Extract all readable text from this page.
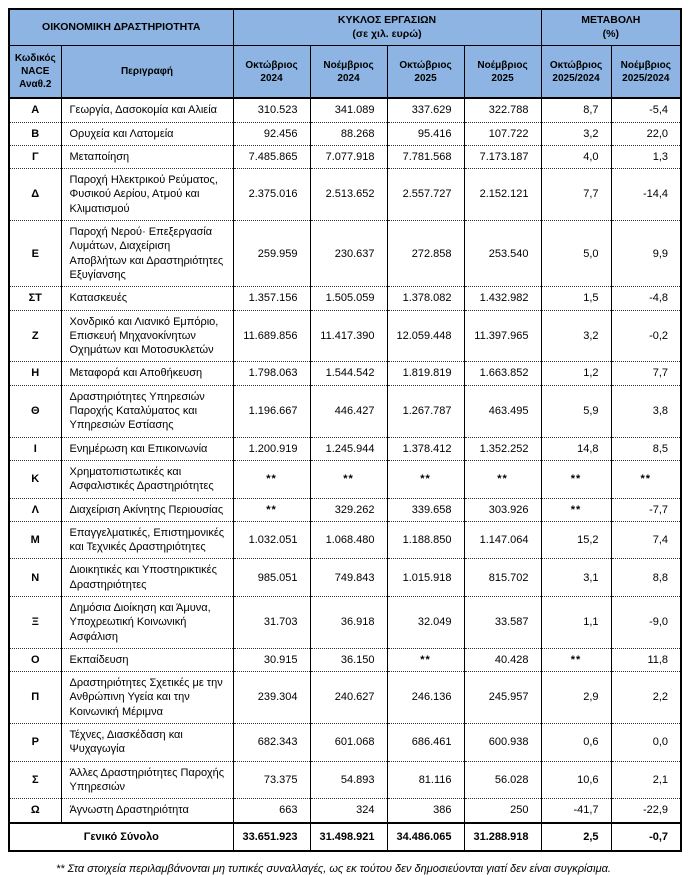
ΟΙΚΟΝΟΜΙΚΗ ΔΡΑΣΤΗΡΙΟΤΗΤΑ		ΚΥΚΛΟΣ ΕΡΓΑΣΙΩΝ
(σε χιλ. ευρώ)				ΜΕΤΑΒΟΛΗ
(%)	
Κωδικός NACE Αναθ.2	Περιγραφή	Οκτώβριος 2024	Νοέμβριος 2024	Οκτώβριος 2025	Νοέμβριος 2025	Οκτώβριος 2025/2024	Νοέμβριος 2025/2024
Α	Γεωργία, Δασοκομία και Αλιεία	310.523	341.089	337.629	322.788	8,7	-5,4
Β	Ορυχεία και Λατομεία	92.456	88.268	95.416	107.722	3,2	22,0
Γ	Μεταποίηση	7.485.865	7.077.918	7.781.568	7.173.187	4,0	1,3
Δ	Παροχή Ηλεκτρικού Ρεύματος, Φυσικού Αερίου, Ατμού και Κλιματισμού	2.375.016	2.513.652	2.557.727	2.152.121	7,7	-14,4
Ε	Παροχή Νερού· Επεξεργασία Λυμάτων, Διαχείριση Αποβλήτων και Δραστηριότητες Εξυγίανσης	259.959	230.637	272.858	253.540	5,0	9,9
ΣΤ	Κατασκευές	1.357.156	1.505.059	1.378.082	1.432.982	1,5	-4,8
Ζ	Χονδρικό και Λιανικό Εμπόριο, Επισκευή Μηχανοκίνητων Οχημάτων και Μοτοσυκλετών	11.689.856	11.417.390	12.059.448	11.397.965	3,2	-0,2
Η	Μεταφορά και Αποθήκευση	1.798.063	1.544.542	1.819.819	1.663.852	1,2	7,7
Θ	Δραστηριότητες Υπηρεσιών Παροχής Καταλύματος και Υπηρεσιών Εστίασης	1.196.667	446.427	1.267.787	463.495	5,9	3,8
Ι	Ενημέρωση και Επικοινωνία	1.200.919	1.245.944	1.378.412	1.352.252	14,8	8,5
Κ	Χρηματοπιστωτικές και Ασφαλιστικές Δραστηριότητες	**	**	**	**	**	**
Λ	Διαχείριση Ακίνητης Περιουσίας	**	329.262	339.658	303.926	**	-7,7
Μ	Επαγγελματικές, Επιστημονικές και Τεχνικές Δραστηριότητες	1.032.051	1.068.480	1.188.850	1.147.064	15,2	7,4
Ν	Διοικητικές και Υποστηρικτικές Δραστηριότητες	985.051	749.843	1.015.918	815.702	3,1	8,8
Ξ	Δημόσια Διοίκηση και Άμυνα, Υποχρεωτική Κοινωνική Ασφάλιση	31.703	36.918	32.049	33.587	1,1	-9,0
Ο	Εκπαίδευση	30.915	36.150	**	40.428	**	11,8
Π	Δραστηριότητες Σχετικές με την Ανθρώπινη Υγεία και την Κοινωνική Μέριμνα	239.304	240.627	246.136	245.957	2,9	2,2
Ρ	Τέχνες, Διασκέδαση και Ψυχαγωγία	682.343	601.068	686.461	600.938	0,6	0,0
Σ	Άλλες Δραστηριότητες Παροχής Υπηρεσιών	73.375	54.893	81.116	56.028	10,6	2,1
Ω	Άγνωστη Δραστηριότητα	663	324	386	250	-41,7	-22,9
Γενικό Σύνολο		33.651.923	31.498.921	34.486.065	31.288.918	2,5	-0,7
** Στα στοιχεία περιλαμβάνονται μη τυπικές συναλλαγές, ως εκ τούτου δεν δημοσιεύονται γιατί δεν είναι συγκρίσιμα.
